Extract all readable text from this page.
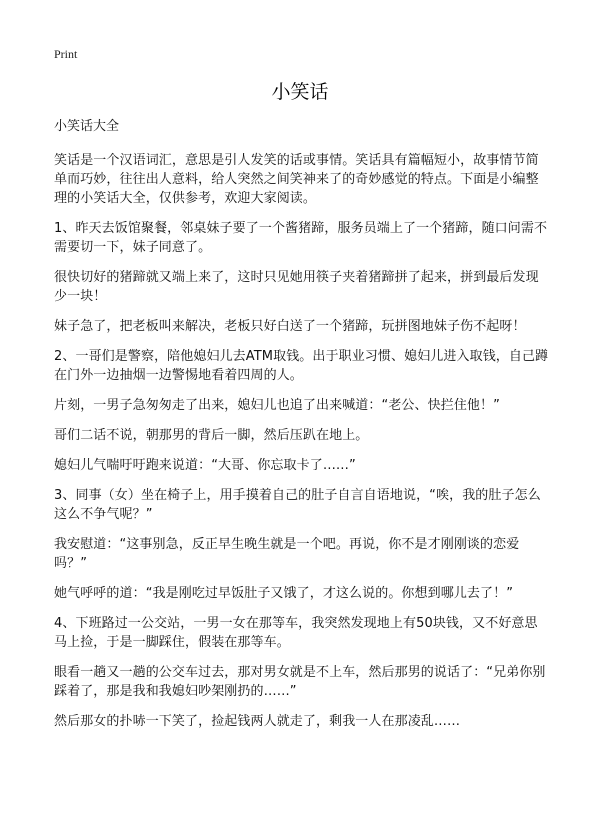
Print
小笑话

小笑话大全

笑话是一个汉语词汇，意思是引人发笑的话或事情。笑话具有篇幅短小，故事情节简单而巧妙，往往出人意料，给人突然之间笑神来了的奇妙感觉的特点。下面是小编整理的小笑话大全，仅供参考，欢迎大家阅读。

1、昨天去饭馆聚餐，邻桌妹子要了一个酱猪蹄，服务员端上了一个猪蹄，随口问需不需要切一下，妹子同意了。

很快切好的猪蹄就又端上来了，这时只见她用筷子夹着猪蹄拼了起来，拼到最后发现少一块！

妹子急了，把老板叫来解决，老板只好白送了一个猪蹄，玩拼图地妹子伤不起呀！

2、一哥们是警察，陪他媳妇儿去ATM取钱。出于职业习惯、媳妇儿进入取钱，自己蹲在门外一边抽烟一边警惕地看着四周的人。

片刻，一男子急匆匆走了出来，媳妇儿也追了出来喊道：“老公、快拦住他！”

哥们二话不说，朝那男的背后一脚，然后压趴在地上。

媳妇儿气喘吁吁跑来说道：“大哥、你忘取卡了……”

3、同事（女）坐在椅子上，用手摸着自己的肚子自言自语地说，“唉，我的肚子怎么这么不争气呢？”

我安慰道：“这事别急，反正早生晚生就是一个吧。再说，你不是才刚刚谈的恋爱吗？”

她气呼呼的道：“我是刚吃过早饭肚子又饿了，才这么说的。你想到哪儿去了！”

4、下班路过一公交站，一男一女在那等车，我突然发现地上有50块钱，又不好意思马上捡，于是一脚踩住，假装在那等车。

眼看一趟又一趟的公交车过去，那对男女就是不上车，然后那男的说话了：“兄弟你别踩着了，那是我和我媳妇吵架刚扔的……”

然后那女的扑哧一下笑了，捡起钱两人就走了，剩我一人在那凌乱……
